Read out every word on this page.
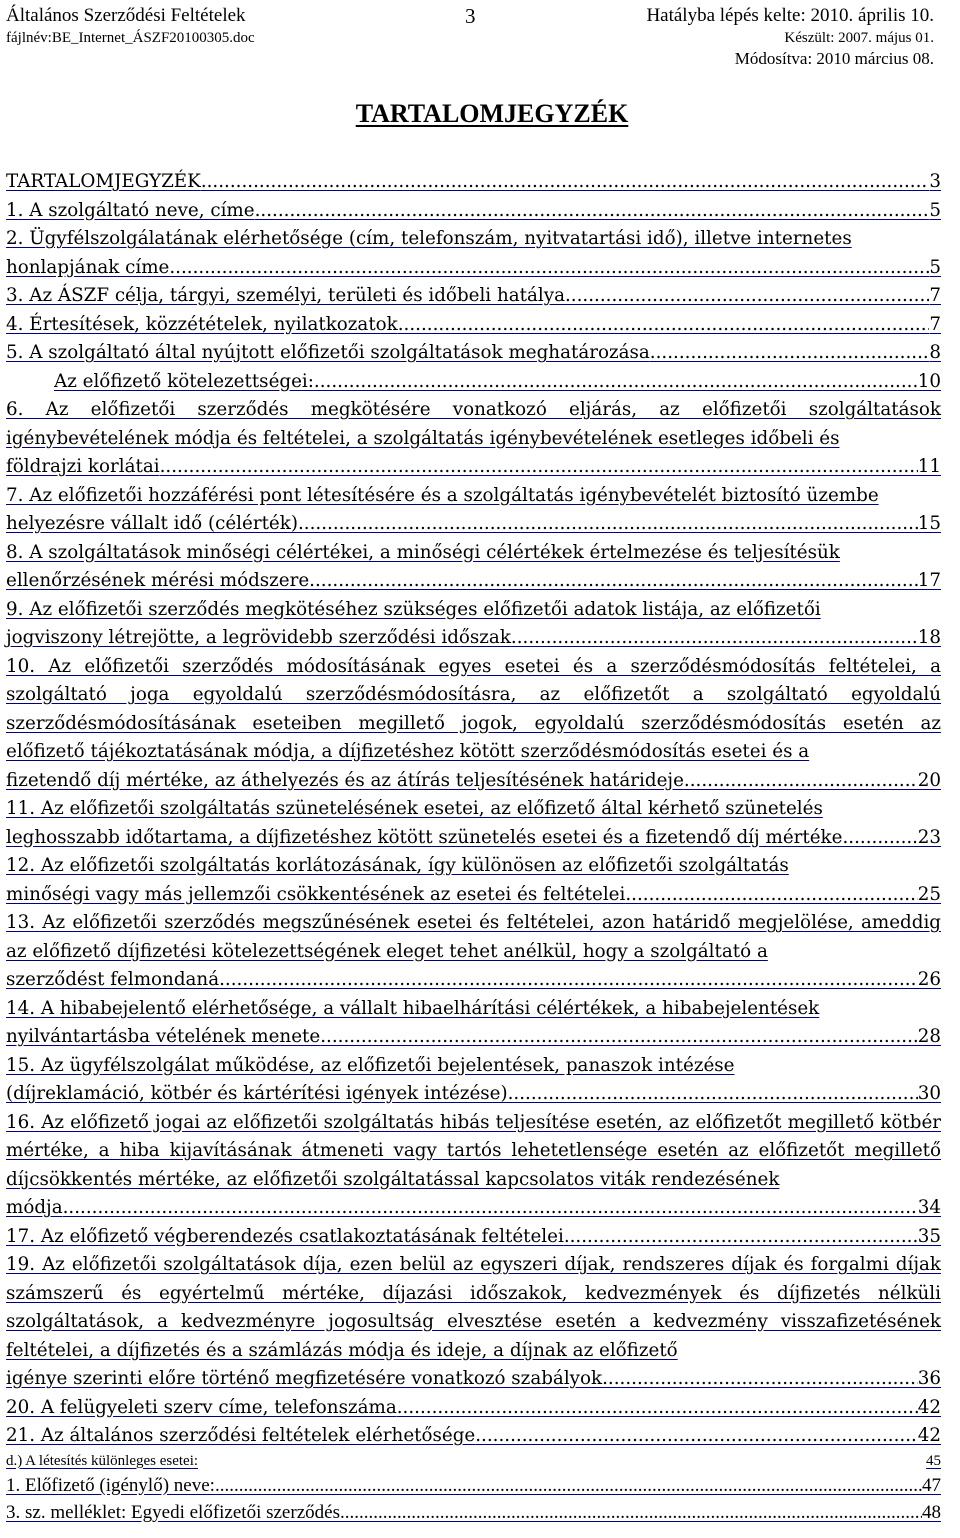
Általános Szerződési Feltételek
fájlnév:BE_Internet_ÁSZF20100305.doc
3	Hatályba lépés kelte: 2010. április 10.
Készült: 2007. május 01.
Módosítva: 2010 március 08.
TARTALOMJEGYZÉK
TARTALOMJEGYZÉK .....	3
1. A szolgáltató neve, címe .....	5
2. Ügyfélszolgálatának elérhetősége (cím, telefonszám, nyitvatartási idő), illetve internetes
honlapjának címe .....	5
3. Az ÁSZF célja, tárgyi, személyi, területi és időbeli hatálya .....	7
4. Értesítések, közzétételek, nyilatkozatok .....	7
5. A szolgáltató által nyújtott előfizetői szolgáltatások meghatározása .....	8
Az előfizető kötelezettségei: .....	10
6. Az előfizetői szerződés megkötésére vonatkozó eljárás, az előfizetői szolgáltatások igénybevételének módja és feltételei, a szolgáltatás igénybevételének esetleges időbeli és
földrajzi korlátai .....	11
7. Az előfizetői hozzáférési pont létesítésére és a szolgáltatás igénybevételét biztosító üzembe
helyezésre vállalt idő (célérték) .....	15
8. A szolgáltatások minőségi célértékei, a minőségi célértékek értelmezése és teljesítésük
ellenőrzésének mérési módszere .....	17
9. Az előfizetői szerződés megkötéséhez szükséges előfizetői adatok listája, az előfizetői
jogviszony létrejötte, a legrövidebb szerződési időszak .....	18
10. Az előfizetői szerződés módosításának egyes esetei és a szerződésmódosítás feltételei, a szolgáltató joga egyoldalú szerződésmódosításra, az előfizetőt a szolgáltató egyoldalú szerződésmódosításának eseteiben megillető jogok, egyoldalú szerződésmódosítás esetén az előfizető tájékoztatásának módja, a díjfizetéshez kötött szerződésmódosítás esetei és a
fizetendő díj mértéke, az áthelyezés és az átírás teljesítésének határideje .....	20
11. Az előfizetői szolgáltatás szünetelésének esetei, az előfizető által kérhető szünetelés
leghosszabb időtartama, a díjfizetéshez kötött szünetelés esetei és a fizetendő díj mértéke .....	23
12. Az előfizetői szolgáltatás korlátozásának, így különösen az előfizetői szolgáltatás
minőségi vagy más jellemzői csökkentésének az esetei és feltételei .....	25
13. Az előfizetői szerződés megszűnésének esetei és feltételei, azon határidő megjelölése, ameddig az előfizető díjfizetési kötelezettségének eleget tehet anélkül, hogy a szolgáltató a
szerződést felmondaná .....	26
14. A hibabejelentő elérhetősége, a vállalt hibaelhárítási célértékek, a hibabejelentések
nyilvántartásba vételének menete .....	28
15. Az ügyfélszolgálat működése, az előfizetői bejelentések, panaszok intézése
(díjreklamáció, kötbér és kártérítési igények intézése). .....	30
16. Az előfizető jogai az előfizetői szolgáltatás hibás teljesítése esetén, az előfizetőt megillető kötbér mértéke, a hiba kijavításának átmeneti vagy tartós lehetetlensége esetén az előfizetőt megillető díjcsökkentés mértéke, az előfizetői szolgáltatással kapcsolatos viták rendezésének
módja .....	34
17. Az előfizető végberendezés csatlakoztatásának feltételei .....	35
19. Az előfizetői szolgáltatások díja, ezen belül az egyszeri díjak, rendszeres díjak és forgalmi díjak számszerű és egyértelmű mértéke, díjazási időszakok, kedvezmények és díjfizetés nélküli szolgáltatások, a kedvezményre jogosultság elvesztése esetén a kedvezmény visszafizetésének feltételei, a díjfizetés és a számlázás módja és ideje, a díjnak az előfizető
igénye szerinti előre történő megfizetésére vonatkozó szabályok .....	36
20. A felügyeleti szerv címe, telefonszáma .....	42
21. Az általános szerződési feltételek elérhetősége .....	42
d.) A létesítés különleges esetei:	45
1. Előfizető (igénylő) neve: .....	47
3. sz. melléklet: Egyedi előfizetői szerződés .....	48
